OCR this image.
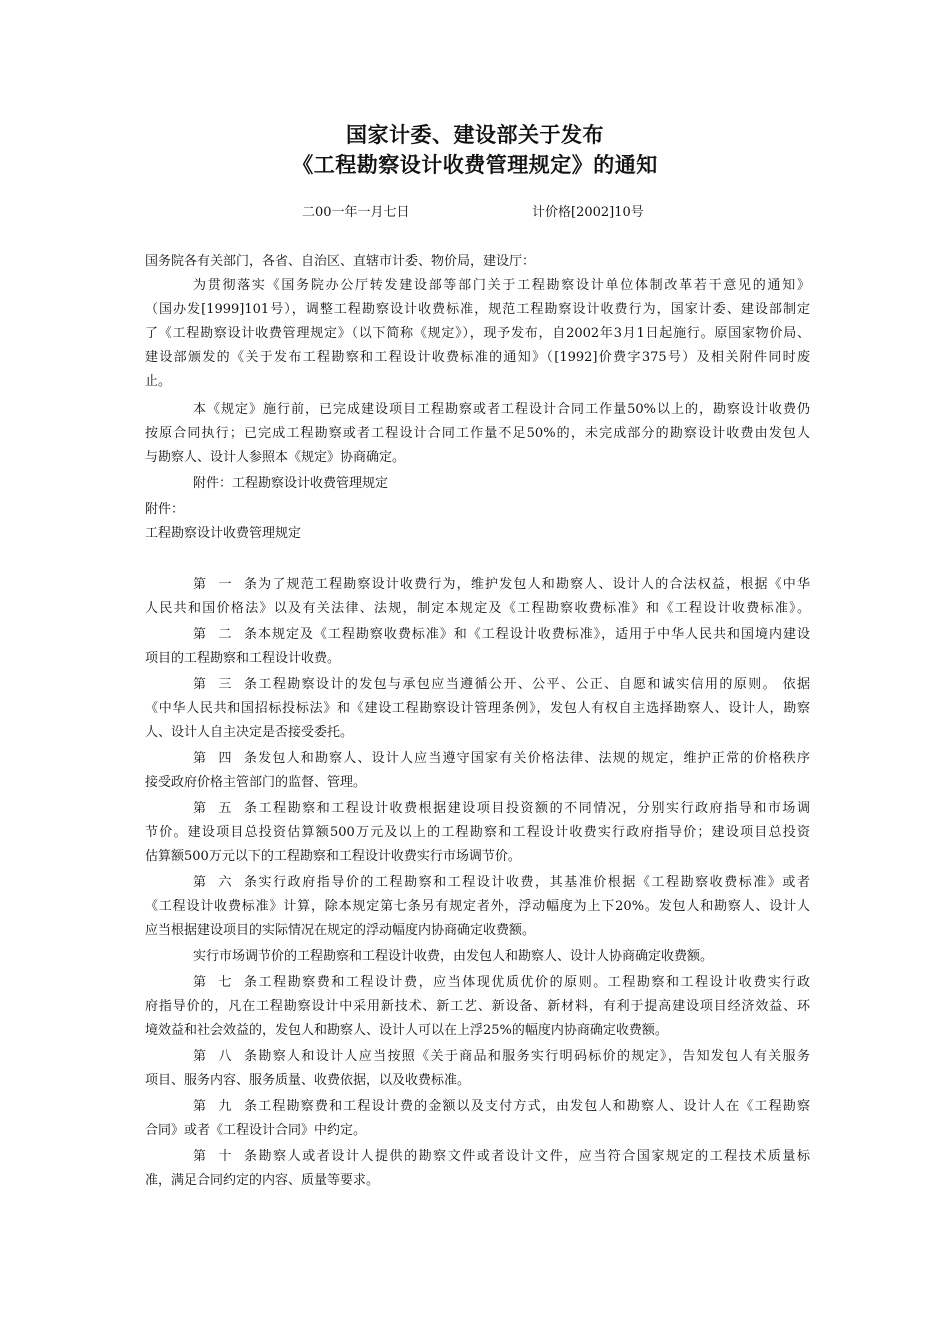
国家计委、建设部关于发布
《工程勘察设计收费管理规定》的通知
二00一年一月七日	计价格[2002]10号
国务院各有关部门，各省、自治区、直辖市计委、物价局，建设厅：
为贯彻落实《国务院办公厅转发建设部等部门关于工程勘察设计单位体制改革若干意见的通知》
（国办发[1999]101号），调整工程勘察设计收费标准，规范工程勘察设计收费行为，国家计委、建设部制定
了《工程勘察设计收费管理规定》（以下简称《规定》），现予发布，自2002年3月1日起施行。原国家物价局、
建设部颁发的《关于发布工程勘察和工程设计收费标准的通知》（[1992]价费字375号）及相关附件同时废
止。
本《规定》施行前，已完成建设项目工程勘察或者工程设计合同工作量50%以上的，勘察设计收费仍
按原合同执行；已完成工程勘察或者工程设计合同工作量不足50%的，未完成部分的勘察设计收费由发包人
与勘察人、设计人参照本《规定》协商确定。
附件：工程勘察设计收费管理规定
附件：
工程勘察设计收费管理规定
第一条为了规范工程勘察设计收费行为，维护发包人和勘察人、设计人的合法权益，根据《中华
人民共和国价格法》以及有关法律、法规，制定本规定及《工程勘察收费标准》和《工程设计收费标准》。
第二条本规定及《工程勘察收费标准》和《工程设计收费标准》，适用于中华人民共和国境内建设
项目的工程勘察和工程设计收费。
第三条工程勘察设计的发包与承包应当遵循公开、公平、公正、自愿和诚实信用的原则。 依据
《中华人民共和国招标投标法》和《建设工程勘察设计管理条例》，发包人有权自主选择勘察人、设计人，勘察
人、设计人自主决定是否接受委托。
第四条发包人和勘察人、设计人应当遵守国家有关价格法律、法规的规定，维护正常的价格秩序
接受政府价格主管部门的监督、管理。
第五条工程勘察和工程设计收费根据建设项目投资额的不同情况，分别实行政府指导和市场调
节价。建设项目总投资估算额500万元及以上的工程勘察和工程设计收费实行政府指导价；建设项目总投资
估算额500万元以下的工程勘察和工程设计收费实行市场调节价。
第六条实行政府指导价的工程勘察和工程设计收费，其基准价根据《工程勘察收费标准》或者
《工程设计收费标准》计算，除本规定第七条另有规定者外，浮动幅度为上下20%。发包人和勘察人、设计人
应当根据建设项目的实际情况在规定的浮动幅度内协商确定收费额。
实行市场调节价的工程勘察和工程设计收费，由发包人和勘察人、设计人协商确定收费额。
第七条工程勘察费和工程设计费，应当体现优质优价的原则。工程勘察和工程设计收费实行政
府指导价的，凡在工程勘察设计中采用新技术、新工艺、新设备、新材料，有利于提高建设项目经济效益、环
境效益和社会效益的，发包人和勘察人、设计人可以在上浮25%的幅度内协商确定收费额。
第八条勘察人和设计人应当按照《关于商品和服务实行明码标价的规定》，告知发包人有关服务
项目、服务内容、服务质量、收费依据，以及收费标准。
第九条工程勘察费和工程设计费的金额以及支付方式，由发包人和勘察人、设计人在《工程勘察
合同》或者《工程设计合同》中约定。
第十条勘察人或者设计人提供的勘察文件或者设计文件，应当符合国家规定的工程技术质量标
准，满足合同约定的内容、质量等要求。
